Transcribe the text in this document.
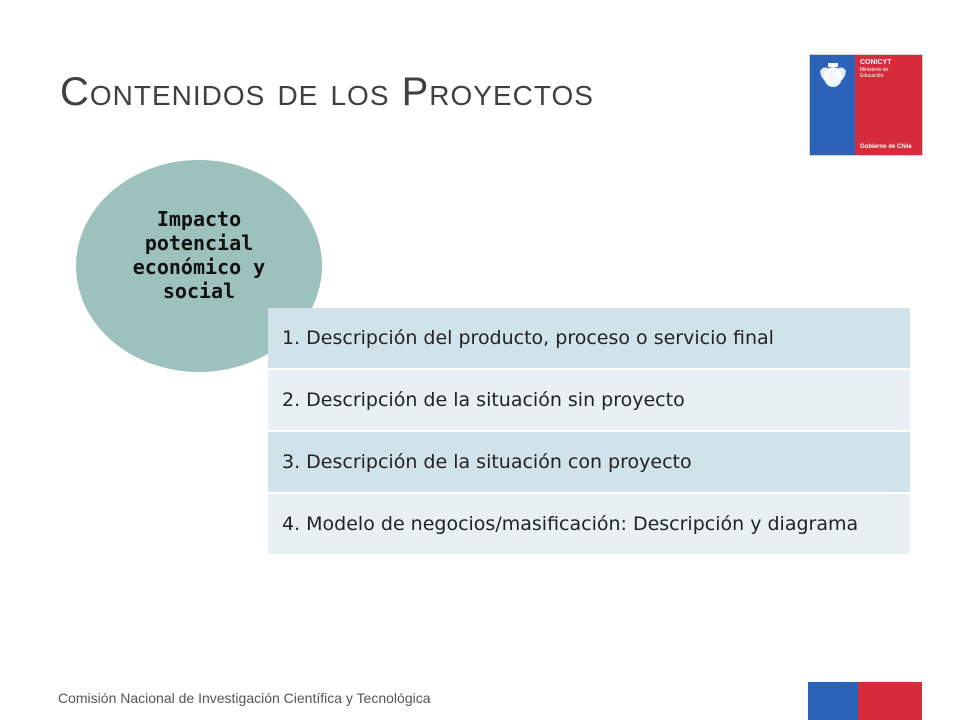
Contenidos de los Proyectos
CONICYT
Ministerio de
Educación
Gobierno de Chile
Impacto potencial económico y social
1. Descripción del producto, proceso o servicio final
2. Descripción de la situación sin proyecto
3. Descripción de la situación con proyecto
4. Modelo de negocios/masificación: Descripción y diagrama
Comisión Nacional de Investigación Científica y Tecnológica
